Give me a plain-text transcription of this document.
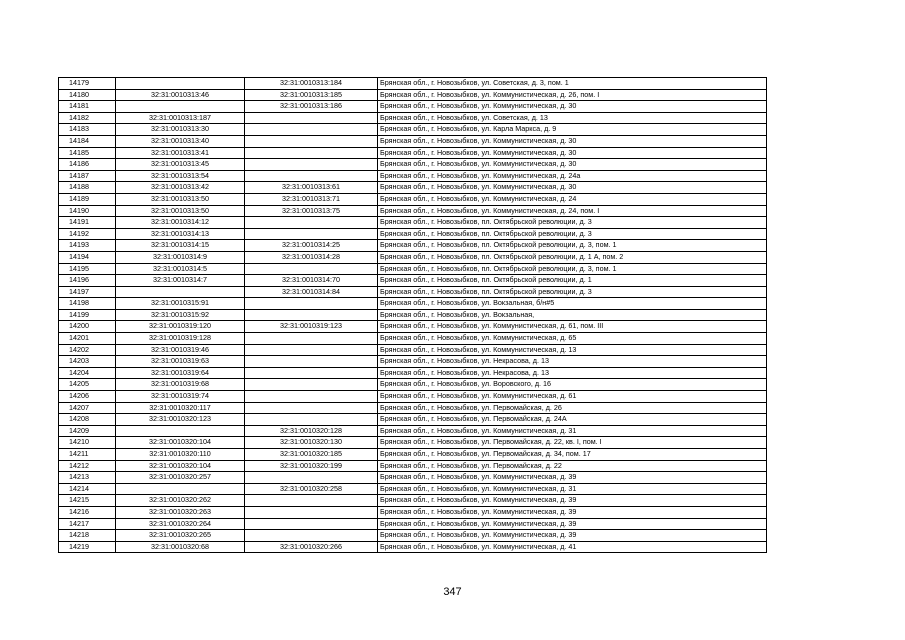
14179		32:31:0010313:184	Брянская обл., г. Новозыбков, ул. Советская, д. 3, пом. 1
14180	32:31:0010313:46	32:31:0010313:185	Брянская обл., г. Новозыбков, ул. Коммунистическая, д. 26, пом. I
14181		32:31:0010313:186	Брянская обл., г. Новозыбков, ул. Коммунистическая, д. 30
14182	32:31:0010313:187		Брянская обл., г. Новозыбков, ул. Советская, д. 13
14183	32:31:0010313:30		Брянская обл., г. Новозыбков, ул. Карла Маркса, д. 9
14184	32:31:0010313:40		Брянская обл., г. Новозыбков, ул. Коммунистическая, д. 30
14185	32:31:0010313:41		Брянская обл., г. Новозыбков, ул. Коммунистическая, д. 30
14186	32:31:0010313:45		Брянская обл., г. Новозыбков, ул. Коммунистическая, д. 30
14187	32:31:0010313:54		Брянская обл., г. Новозыбков, ул. Коммунистическая, д. 24а
14188	32:31:0010313:42	32:31:0010313:61	Брянская обл., г. Новозыбков, ул. Коммунистическая, д. 30
14189	32:31:0010313:50	32:31:0010313:71	Брянская обл., г. Новозыбков, ул. Коммунистическая, д. 24
14190	32:31:0010313:50	32:31:0010313:75	Брянская обл., г. Новозыбков, ул. Коммунистическая, д. 24, пом. I
14191	32:31:0010314:12		Брянская обл., г. Новозыбков, пл. Октябрьской революции, д. 3
14192	32:31:0010314:13		Брянская обл., г. Новозыбков, пл. Октябрьской революции, д. 3
14193	32:31:0010314:15	32:31:0010314:25	Брянская обл., г. Новозыбков, пл. Октябрьской революции, д. 3, пом. 1
14194	32:31:0010314:9	32:31:0010314:28	Брянская обл., г. Новозыбков, пл. Октябрьской революции, д. 1 А, пом. 2
14195	32:31:0010314:5		Брянская обл., г. Новозыбков, пл. Октябрьской революции, д. 3, пом. 1
14196	32:31:0010314:7	32:31:0010314:70	Брянская обл., г. Новозыбков, пл. Октябрьской революции, д. 1
14197		32:31:0010314:84	Брянская обл., г. Новозыбков, пл. Октябрьской революции, д. 3
14198	32:31:0010315:91		Брянская обл., г. Новозыбков, ул. Вокзальная, б/н#5
14199	32:31:0010315:92		Брянская обл., г. Новозыбков, ул. Вокзальная,
14200	32:31:0010319:120	32:31:0010319:123	Брянская обл., г. Новозыбков, ул. Коммунистическая, д. 61, пом. III
14201	32:31:0010319:128		Брянская обл., г. Новозыбков, ул. Коммунистическая, д. 65
14202	32:31:0010319:46		Брянская обл., г. Новозыбков, ул. Коммунистическая, д. 13
14203	32:31:0010319:63		Брянская обл., г. Новозыбков, ул. Некрасова, д. 13
14204	32:31:0010319:64		Брянская обл., г. Новозыбков, ул. Некрасова, д. 13
14205	32:31:0010319:68		Брянская обл., г. Новозыбков, ул. Воровского, д. 16
14206	32:31:0010319:74		Брянская обл., г. Новозыбков, ул. Коммунистическая, д. 61
14207	32:31:0010320:117		Брянская обл., г. Новозыбков, ул. Первомайская, д. 26
14208	32:31:0010320:123		Брянская обл., г. Новозыбков, ул. Первомайская, д. 24А
14209		32:31:0010320:128	Брянская обл., г. Новозыбков, ул. Коммунистическая, д. 31
14210	32:31:0010320:104	32:31:0010320:130	Брянская обл., г. Новозыбков, ул. Первомайская, д. 22, кв. I, пом. I
14211	32:31:0010320:110	32:31:0010320:185	Брянская обл., г. Новозыбков, ул. Первомайская, д. 34, пом. 17
14212	32:31:0010320:104	32:31:0010320:199	Брянская обл., г. Новозыбков, ул. Первомайская, д. 22
14213	32:31:0010320:257		Брянская обл., г. Новозыбков, ул. Коммунистическая, д. 39
14214		32:31:0010320:258	Брянская обл., г. Новозыбков, ул. Коммунистическая, д. 31
14215	32:31:0010320:262		Брянская обл., г. Новозыбков, ул. Коммунистическая, д. 39
14216	32:31:0010320:263		Брянская обл., г. Новозыбков, ул. Коммунистическая, д. 39
14217	32:31:0010320:264		Брянская обл., г. Новозыбков, ул. Коммунистическая, д. 39
14218	32:31:0010320:265		Брянская обл., г. Новозыбков, ул. Коммунистическая, д. 39
14219	32:31:0010320:68	32:31:0010320:266	Брянская обл., г. Новозыбков, ул. Коммунистическая, д. 41
347
